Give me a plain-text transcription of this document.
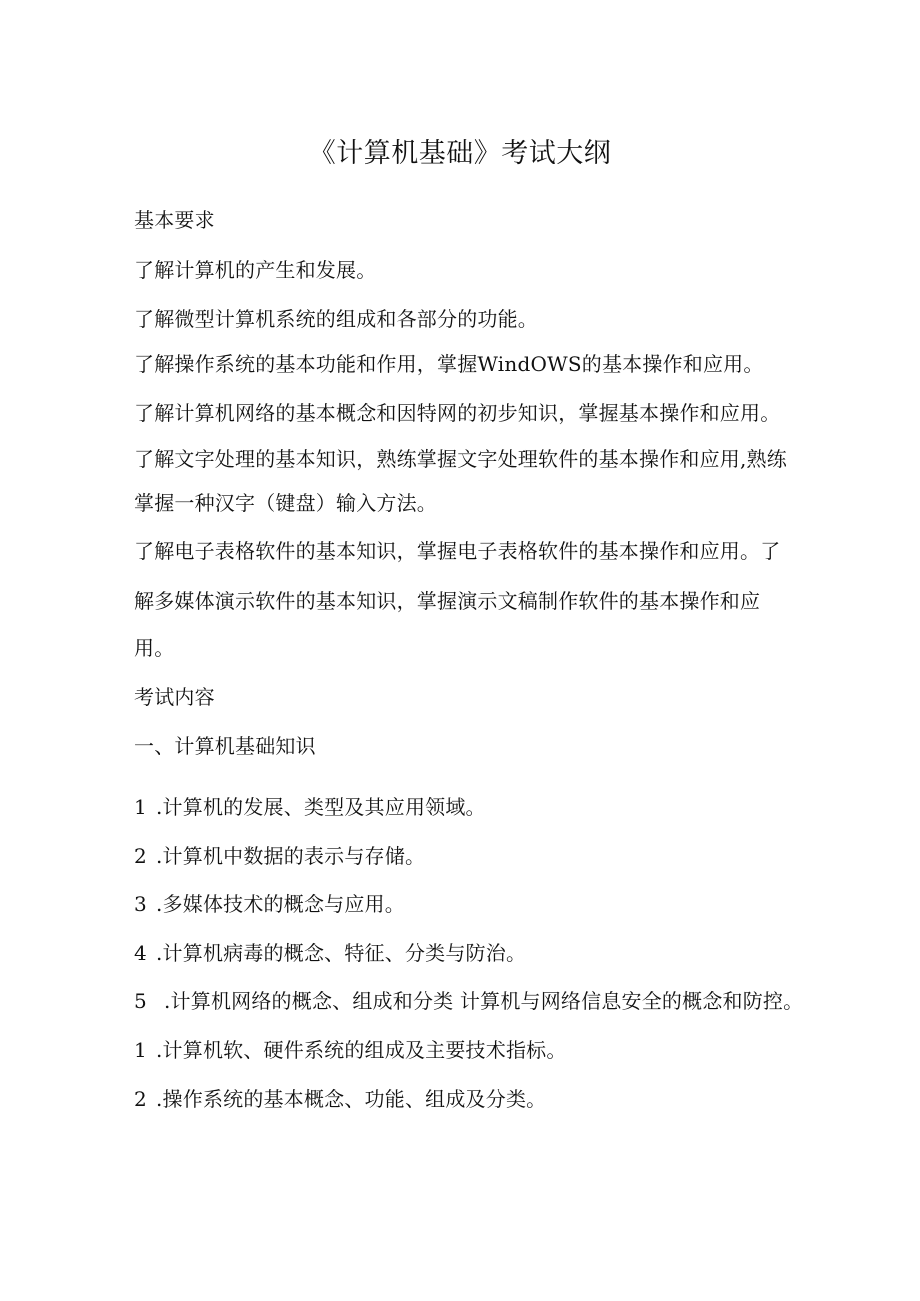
《计算机基础》考试大纲
基本要求
了解计算机的产生和发展。
了解微型计算机系统的组成和各部分的功能。
了解操作系统的基本功能和作用，掌握WindOWS的基本操作和应用。
了解计算机网络的基本概念和因特网的初步知识，掌握基本操作和应用。
了解文字处理的基本知识，熟练掌握文字处理软件的基本操作和应用,熟练
掌握一种汉字（键盘）输入方法。
了解电子表格软件的基本知识，掌握电子表格软件的基本操作和应用。了
解多媒体演示软件的基本知识，掌握演示文稿制作软件的基本操作和应
用。
考试内容
一、计算机基础知识
1 .计算机的发展、类型及其应用领域。
2 .计算机中数据的表示与存储。
3 .多媒体技术的概念与应用。
4 .计算机病毒的概念、特征、分类与防治。
5 .计算机网络的概念、组成和分类 计算机与网络信息安全的概念和防控。
1 .计算机软、硬件系统的组成及主要技术指标。
2 .操作系统的基本概念、功能、组成及分类。
